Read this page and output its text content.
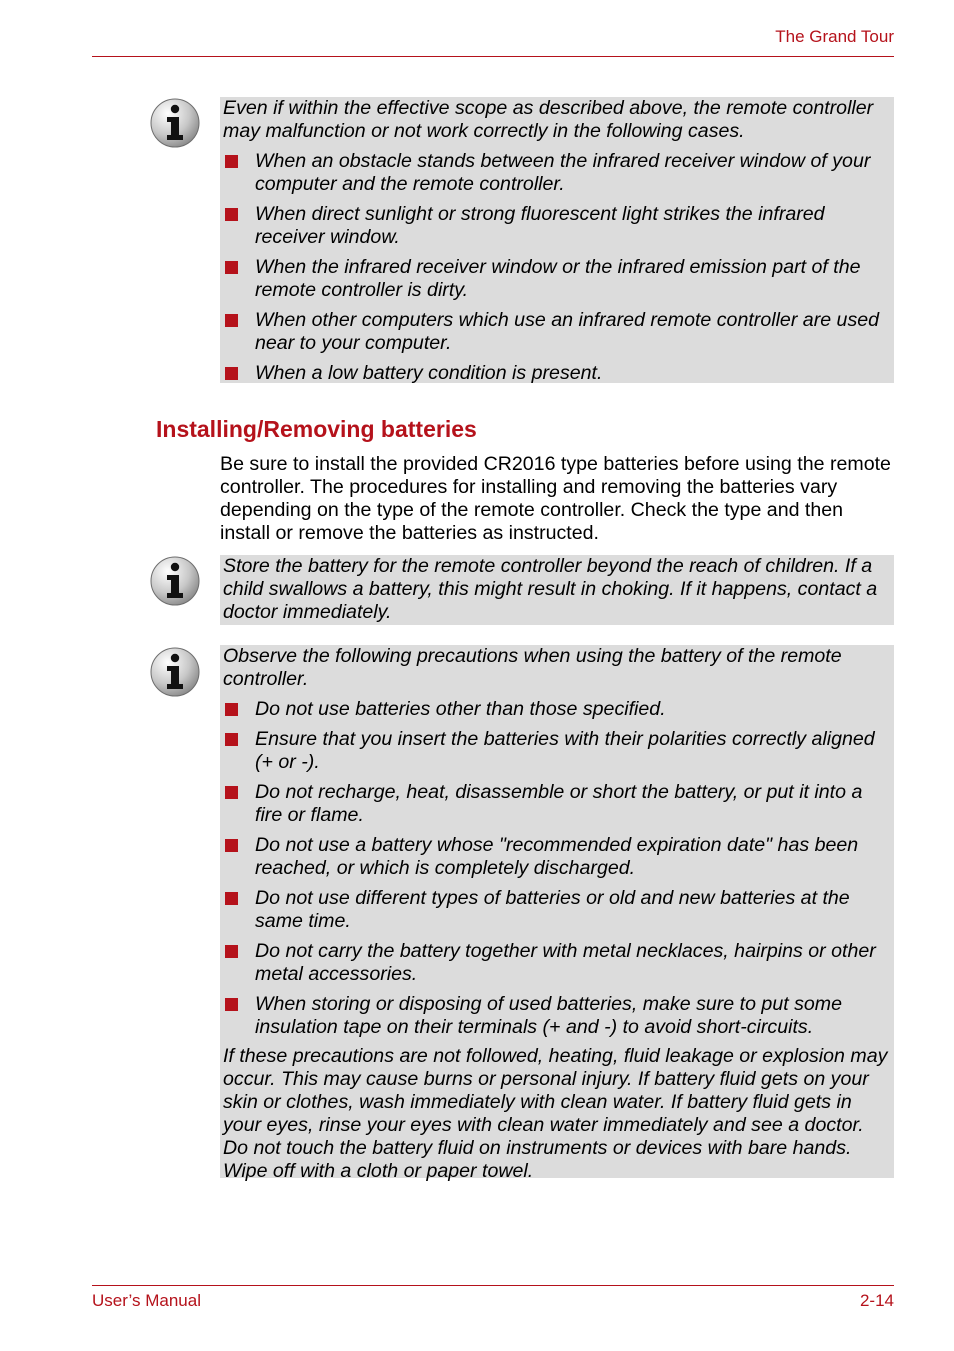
The Grand Tour

Even if within the effective scope as described above, the remote controller may malfunction or not work correctly in the following cases.

When an obstacle stands between the infrared receiver window of your computer and the remote controller.
When direct sunlight or strong fluorescent light strikes the infrared receiver window.
When the infrared receiver window or the infrared emission part of the remote controller is dirty.
When other computers which use an infrared remote controller are used near to your computer.
When a low battery condition is present.
Installing/Removing batteries

Be sure to install the provided CR2016 type batteries before using the remote controller. The procedures for installing and removing the batteries vary depending on the type of the remote controller. Check the type and then install or remove the batteries as instructed.

Store the battery for the remote controller beyond the reach of children. If a child swallows a battery, this might result in choking. If it happens, contact a doctor immediately.

Observe the following precautions when using the battery of the remote controller.

Do not use batteries other than those specified.
Ensure that you insert the batteries with their polarities correctly aligned (+ or -).
Do not recharge, heat, disassemble or short the battery, or put it into a fire or flame.
Do not use a battery whose "recommended expiration date" has been reached, or which is completely discharged.
Do not use different types of batteries or old and new batteries at the same time.
Do not carry the battery together with metal necklaces, hairpins or other metal accessories.
When storing or disposing of used batteries, make sure to put some insulation tape on their terminals (+ and -) to avoid short-circuits.

If these precautions are not followed, heating, fluid leakage or explosion may occur. This may cause burns or personal injury. If battery fluid gets on your skin or clothes, wash immediately with clean water. If battery fluid gets in your eyes, rinse your eyes with clean water immediately and see a doctor. Do not touch the battery fluid on instruments or devices with bare hands. Wipe off with a cloth or paper towel.

User’s Manual	2-14
